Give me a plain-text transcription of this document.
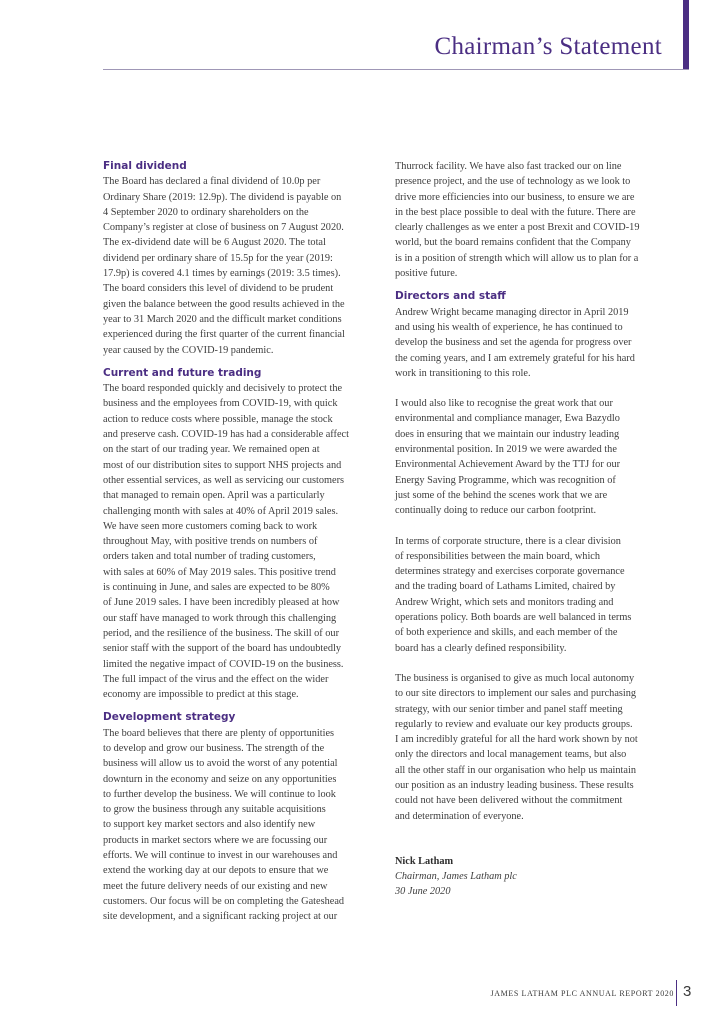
Chairman’s Statement
Final dividend

The Board has declared a final dividend of 10.0p per

Ordinary Share (2019: 12.9p). The dividend is payable on

4 September 2020 to ordinary shareholders on the

Company’s register at close of business on 7 August 2020.

The ex-dividend date will be 6 August 2020. The total

dividend per ordinary share of 15.5p for the year (2019:

17.9p) is covered 4.1 times by earnings (2019: 3.5 times).

The board considers this level of dividend to be prudent

given the balance between the good results achieved in the

year to 31 March 2020 and the difficult market conditions

experienced during the first quarter of the current financial

year caused by the COVID-19 pandemic.

Current and future trading

The board responded quickly and decisively to protect the

business and the employees from COVID-19, with quick

action to reduce costs where possible, manage the stock

and preserve cash. COVID-19 has had a considerable affect

on the start of our trading year. We remained open at

most of our distribution sites to support NHS projects and

other essential services, as well as servicing our customers

that managed to remain open. April was a particularly

challenging month with sales at 40% of April 2019 sales.

We have seen more customers coming back to work

throughout May, with positive trends on numbers of

orders taken and total number of trading customers,

with sales at 60% of May 2019 sales. This positive trend

is continuing in June, and sales are expected to be 80%

of June 2019 sales. I have been incredibly pleased at how

our staff have managed to work through this challenging

period, and the resilience of the business. The skill of our

senior staff with the support of the board has undoubtedly

limited the negative impact of COVID-19 on the business.

The full impact of the virus and the effect on the wider

economy are impossible to predict at this stage.

Development strategy

The board believes that there are plenty of opportunities

to develop and grow our business. The strength of the

business will allow us to avoid the worst of any potential

downturn in the economy and seize on any opportunities

to further develop the business. We will continue to look

to grow the business through any suitable acquisitions

to support key market sectors and also identify new

products in market sectors where we are focussing our

efforts. We will continue to invest in our warehouses and

extend the working day at our depots to ensure that we

meet the future delivery needs of our existing and new

customers. Our focus will be on completing the Gateshead

site development, and a significant racking project at our

Thurrock facility. We have also fast tracked our on line

presence project, and the use of technology as we look to

drive more efficiencies into our business, to ensure we are

in the best place possible to deal with the future. There are

clearly challenges as we enter a post Brexit and COVID-19

world, but the board remains confident that the Company

is in a position of strength which will allow us to plan for a

positive future.

Directors and staff

Andrew Wright became managing director in April 2019

and using his wealth of experience, he has continued to

develop the business and set the agenda for progress over

the coming years, and I am extremely grateful for his hard

work in transitioning to this role.

I would also like to recognise the great work that our

environmental and compliance manager, Ewa Bazydlo

does in ensuring that we maintain our industry leading

environmental position. In 2019 we were awarded the

Environmental Achievement Award by the TTJ for our

Energy Saving Programme, which was recognition of

just some of the behind the scenes work that we are

continually doing to reduce our carbon footprint.

In terms of corporate structure, there is a clear division

of responsibilities between the main board, which

determines strategy and exercises corporate governance

and the trading board of Lathams Limited, chaired by

Andrew Wright, which sets and monitors trading and

operations policy. Both boards are well balanced in terms

of both experience and skills, and each member of the

board has a clearly defined responsibility.

The business is organised to give as much local autonomy

to our site directors to implement our sales and purchasing

strategy, with our senior timber and panel staff meeting

regularly to review and evaluate our key products groups.

I am incredibly grateful for all the hard work shown by not

only the directors and local management teams, but also

all the other staff in our organisation who help us maintain

our position as an industry leading business. These results

could not have been delivered without the commitment

and determination of everyone.

Nick Latham

Chairman, James Latham plc

30 June 2020

JAMES LATHAM PLC ANNUAL REPORT 2020 3
